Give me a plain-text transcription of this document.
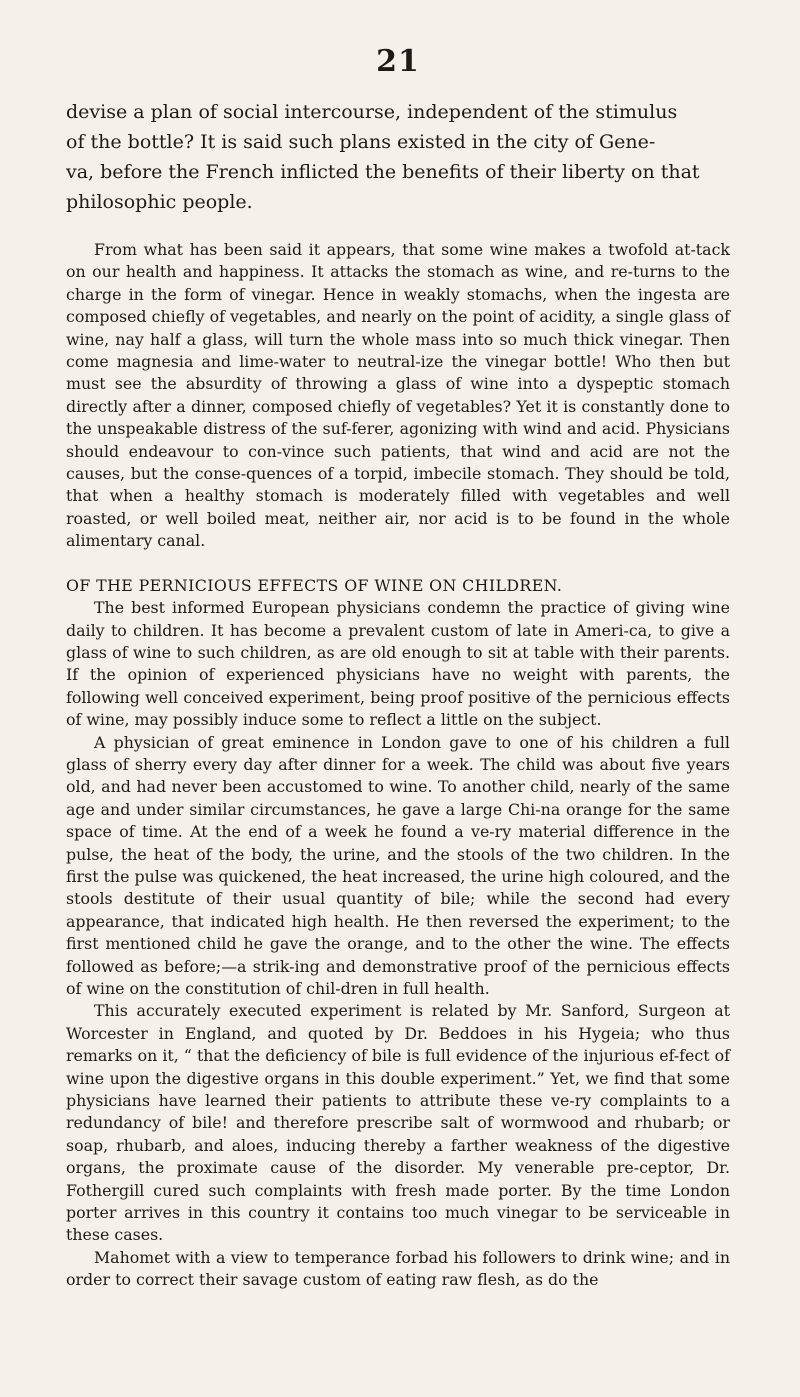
21

devise a plan of social intercourse, independent of the stimulus
of the bottle? It is said such plans existed in the city of Gene-
va, before the French inflicted the benefits of their liberty on that
philosophic people.

From what has been said it appears, that some wine makes a twofold at-tack on our health and happiness. It attacks the stomach as wine, and re-turns to the charge in the form of vinegar. Hence in weakly stomachs, when the ingesta are composed chiefly of vegetables, and nearly on the point of acidity, a single glass of wine, nay half a glass, will turn the whole mass into so much thick vinegar. Then come magnesia and lime-water to neutral-ize the vinegar bottle! Who then but must see the absurdity of throwing a glass of wine into a dyspeptic stomach directly after a dinner, composed chiefly of vegetables? Yet it is constantly done to the unspeakable distress of the suf-ferer, agonizing with wind and acid. Physicians should endeavour to con-vince such patients, that wind and acid are not the causes, but the conse-quences of a torpid, imbecile stomach. They should be told, that when a healthy stomach is moderately filled with vegetables and well roasted, or well boiled meat, neither air, nor acid is to be found in the whole alimentary canal.

OF THE PERNICIOUS EFFECTS OF WINE ON CHILDREN.

The best informed European physicians condemn the practice of giving wine daily to children. It has become a prevalent custom of late in Ameri-ca, to give a glass of wine to such children, as are old enough to sit at table with their parents. If the opinion of experienced physicians have no weight with parents, the following well conceived experiment, being proof positive of the pernicious effects of wine, may possibly induce some to reflect a little on the subject.

A physician of great eminence in London gave to one of his children a full glass of sherry every day after dinner for a week. The child was about five years old, and had never been accustomed to wine. To another child, nearly of the same age and under similar circumstances, he gave a large Chi-na orange for the same space of time. At the end of a week he found a ve-ry material difference in the pulse, the heat of the body, the urine, and the stools of the two children. In the first the pulse was quickened, the heat increased, the urine high coloured, and the stools destitute of their usual quantity of bile; while the second had every appearance, that indicated high health. He then reversed the experiment; to the first mentioned child he gave the orange, and to the other the wine. The effects followed as before;—a strik-ing and demonstrative proof of the pernicious effects of wine on the constitution of chil-dren in full health.

This accurately executed experiment is related by Mr. Sanford, Surgeon at Worcester in England, and quoted by Dr. Beddoes in his Hygeia; who thus remarks on it, “ that the deficiency of bile is full evidence of the injurious ef-fect of wine upon the digestive organs in this double experiment.” Yet, we find that some physicians have learned their patients to attribute these ve-ry complaints to a redundancy of bile! and therefore prescribe salt of wormwood and rhubarb; or soap, rhubarb, and aloes, inducing thereby a farther weakness of the digestive organs, the proximate cause of the disorder. My venerable pre-ceptor, Dr. Fothergill cured such complaints with fresh made porter. By the time London porter arrives in this country it contains too much vinegar to be serviceable in these cases.

Mahomet with a view to temperance forbad his followers to drink wine; and in order to correct their savage custom of eating raw flesh, as do the
